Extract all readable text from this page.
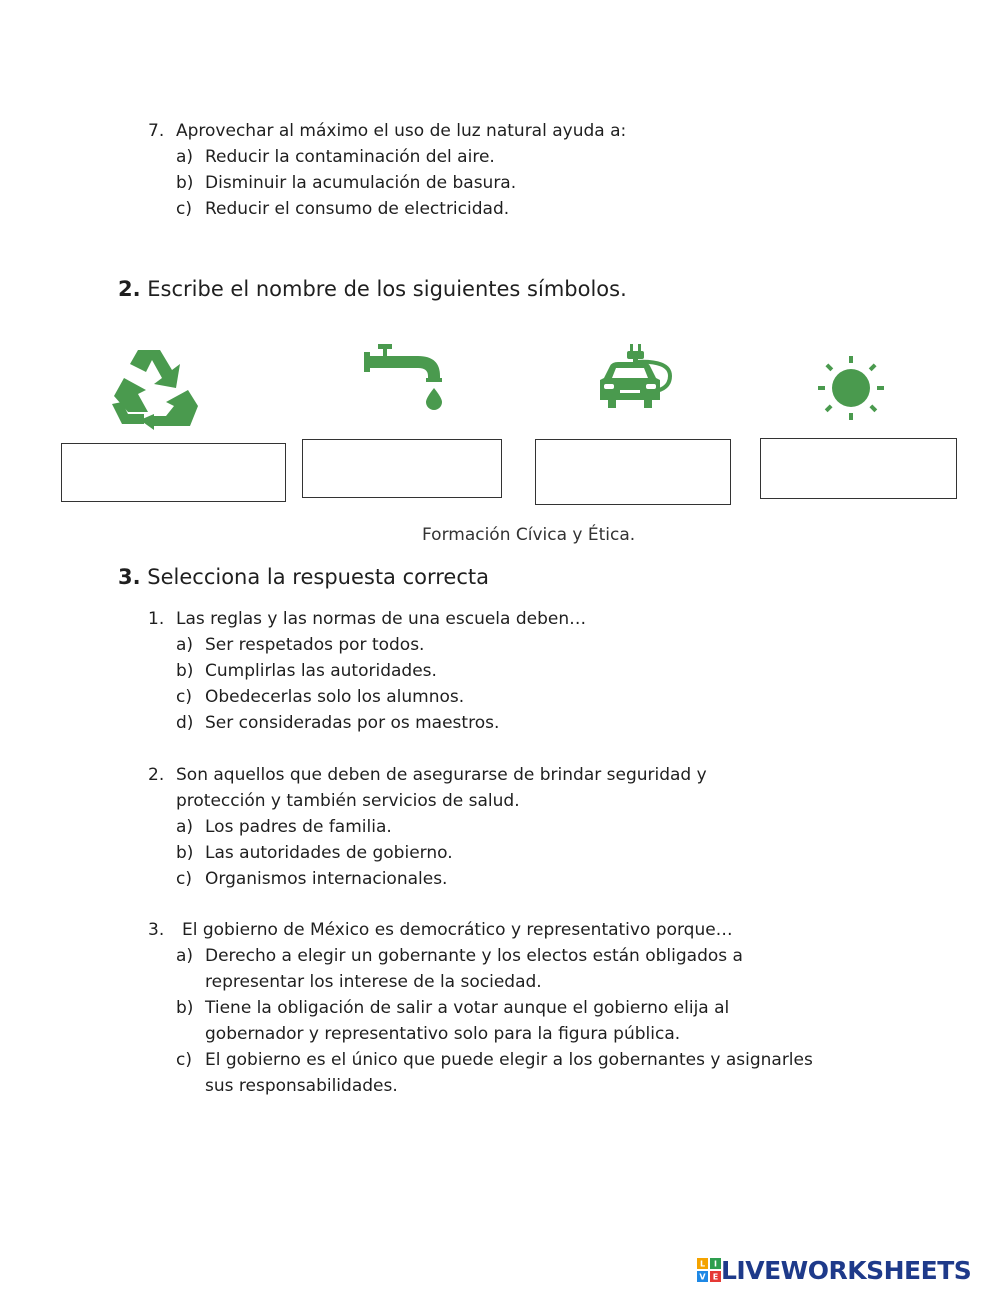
7. Aprovechar al máximo el uso de luz natural ayuda a:
a) Reducir la contaminación del aire.
b) Disminuir la acumulación de basura.
c) Reducir el consumo de electricidad.
2. Escribe el nombre de los siguientes símbolos.
Formación Cívica y Ética.
3. Selecciona la respuesta correcta
1. Las reglas y las normas de una escuela deben…
a) Ser respetados por todos.
b) Cumplirlas las autoridades.
c) Obedecerlas solo los alumnos.
d) Ser consideradas por os maestros.
2. Son aquellos que deben de asegurarse de brindar seguridad y
protección y también servicios de salud.
a) Los padres de familia.
b) Las autoridades de gobierno.
c) Organismos internacionales.
3. El gobierno de México es democrático y representativo porque…
a) Derecho a elegir un gobernante y los electos están obligados a
representar los interese de la sociedad.
b) Tiene la obligación de salir a votar aunque el gobierno elija al
gobernador y representativo solo para la figura pública.
c) El gobierno es el único que puede elegir a los gobernantes y asignarles
sus responsabilidades.
L I
V E LIVEWORKSHEETS
